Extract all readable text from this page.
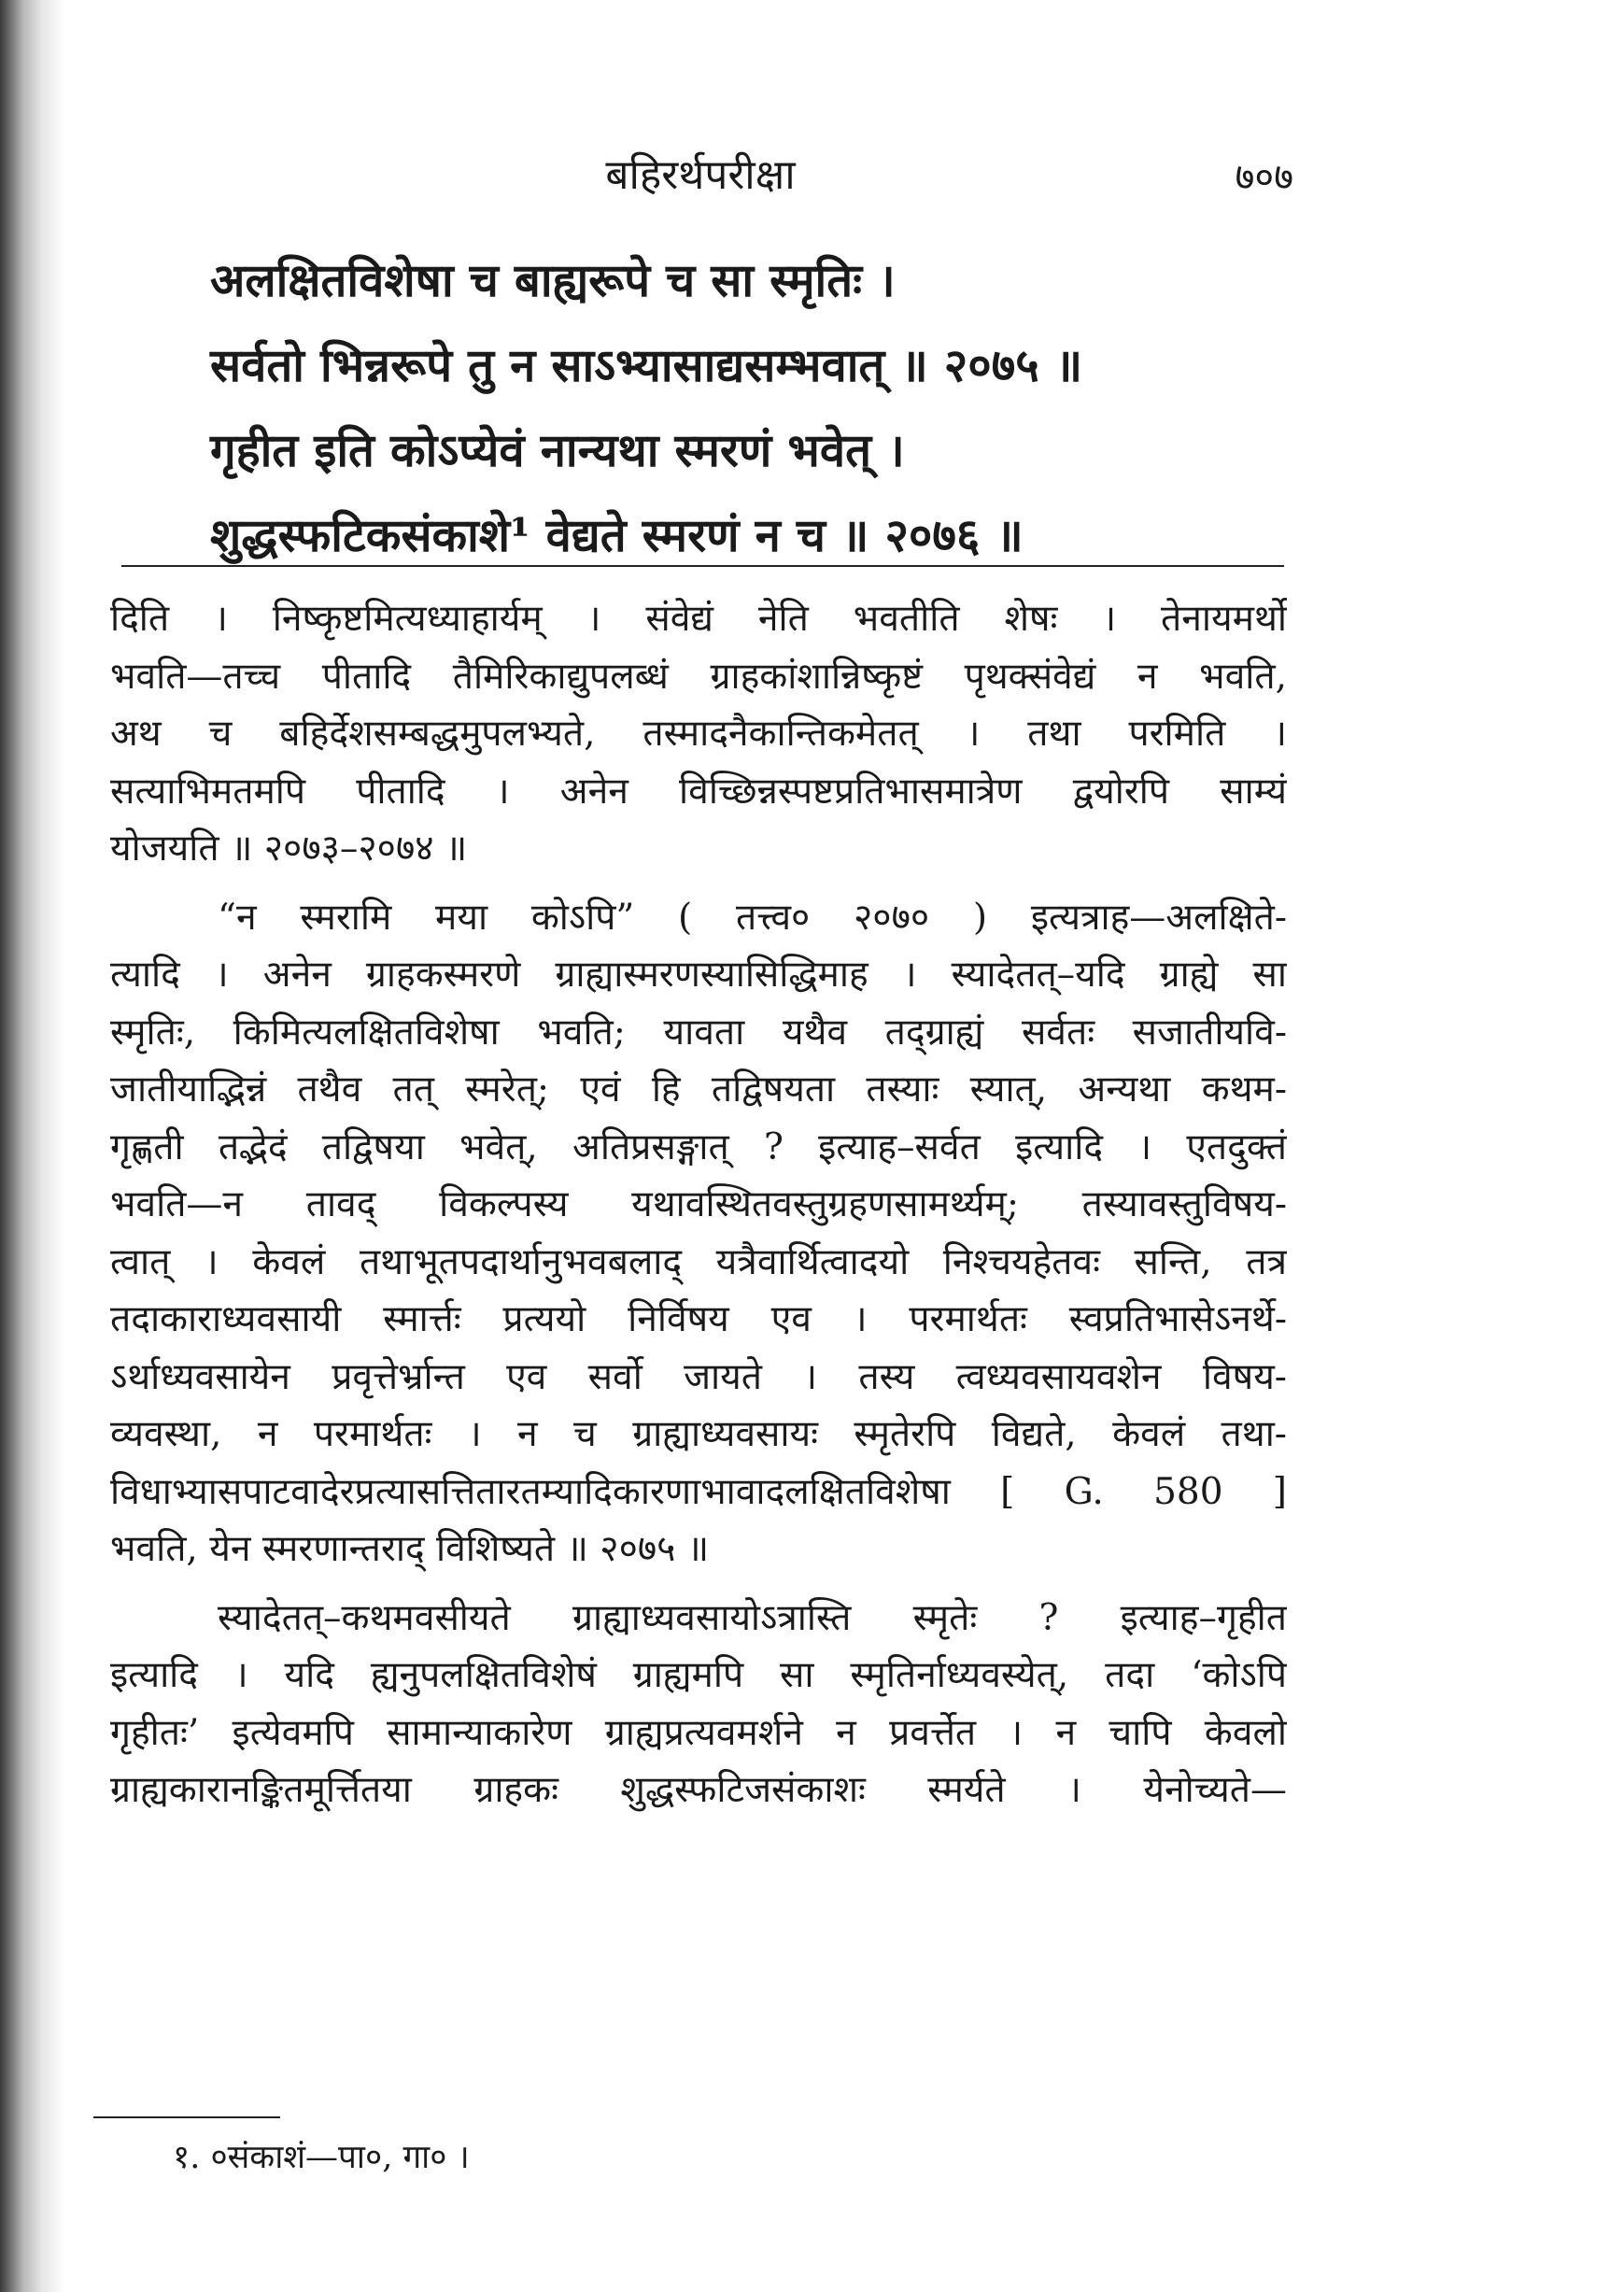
बहिरर्थपरीक्षा	७०७
अलक्षितविशेषा च बाह्यरूपे च सा स्मृतिः ।
सर्वतो भिन्नरूपे तु न साऽभ्यासाद्यसम्भवात् ॥ २०७५ ॥
गृहीत इति कोऽप्येवं नान्यथा स्मरणं भवेत् ।
शुद्धस्फटिकसंकाशे¹ वेद्यते स्मरणं न च ॥ २०७६ ॥
दिति । निष्कृष्टमित्यध्याहार्यम् । संवेद्यं नेति भवतीति शेषः । तेनायमर्थो
भवति—तच्च पीतादि तैमिरिकाद्युपलब्धं ग्राहकांशान्निष्कृष्टं पृथक्संवेद्यं न भवति,
अथ च बहिर्देशसम्बद्धमुपलभ्यते, तस्मादनैकान्तिकमेतत् । तथा परमिति ।
सत्याभिमतमपि पीतादि । अनेन विच्छिन्नस्पष्टप्रतिभासमात्रेण द्वयोरपि साम्यं
योजयति ॥ २०७३–२०७४ ॥
“न स्मरामि मया कोऽपि” ( तत्त्व० २०७० ) इत्यत्राह—अलक्षिते-
त्यादि । अनेन ग्राहकस्मरणे ग्राह्यास्मरणस्यासिद्धिमाह । स्यादेतत्–यदि ग्राह्ये सा
स्मृतिः, किमित्यलक्षितविशेषा भवति; यावता यथैव तद्ग्राह्यं सर्वतः सजातीयवि-
जातीयाद्भिन्नं तथैव तत् स्मरेत्; एवं हि तद्विषयता तस्याः स्यात्, अन्यथा कथम-
गृह्णती तद्भेदं तद्विषया भवेत्, अतिप्रसङ्गात् ? इत्याह–सर्वत इत्यादि । एतदुक्तं
भवति—न तावद् विकल्पस्य यथावस्थितवस्तुग्रहणसामर्थ्यम्; तस्यावस्तुविषय-
त्वात् । केवलं तथाभूतपदार्थानुभवबलाद् यत्रैवार्थित्वादयो निश्चयहेतवः सन्ति, तत्र
तदाकाराध्यवसायी स्मार्त्तः प्रत्ययो निर्विषय एव । परमार्थतः स्वप्रतिभासेऽनर्थे-
ऽर्थाध्यवसायेन प्रवृत्तेर्भ्रान्त एव सर्वो जायते । तस्य त्वध्यवसायवशेन विषय-
व्यवस्था, न परमार्थतः । न च ग्राह्याध्यवसायः स्मृतेरपि विद्यते, केवलं तथा-
विधाभ्यासपाटवादेरप्रत्यासत्तितारतम्यादिकारणाभावादलक्षितविशेषा [ G. 580 ]
भवति, येन स्मरणान्तराद् विशिष्यते ॥ २०७५ ॥
स्यादेतत्–कथमवसीयते ग्राह्याध्यवसायोऽत्रास्ति स्मृतेः ? इत्याह–गृहीत
इत्यादि । यदि ह्यनुपलक्षितविशेषं ग्राह्यमपि सा स्मृतिर्नाध्यवस्येत्, तदा ‘कोऽपि
गृहीतः’ इत्येवमपि सामान्याकारेण ग्राह्यप्रत्यवमर्शने न प्रवर्त्तेत । न चापि केवलो
ग्राह्यकारानङ्कितमूर्त्तितया ग्राहकः शुद्धस्फटिजसंकाशः स्मर्यते । येनोच्यते—
१. ०संकाशं—पा०, गा० ।
